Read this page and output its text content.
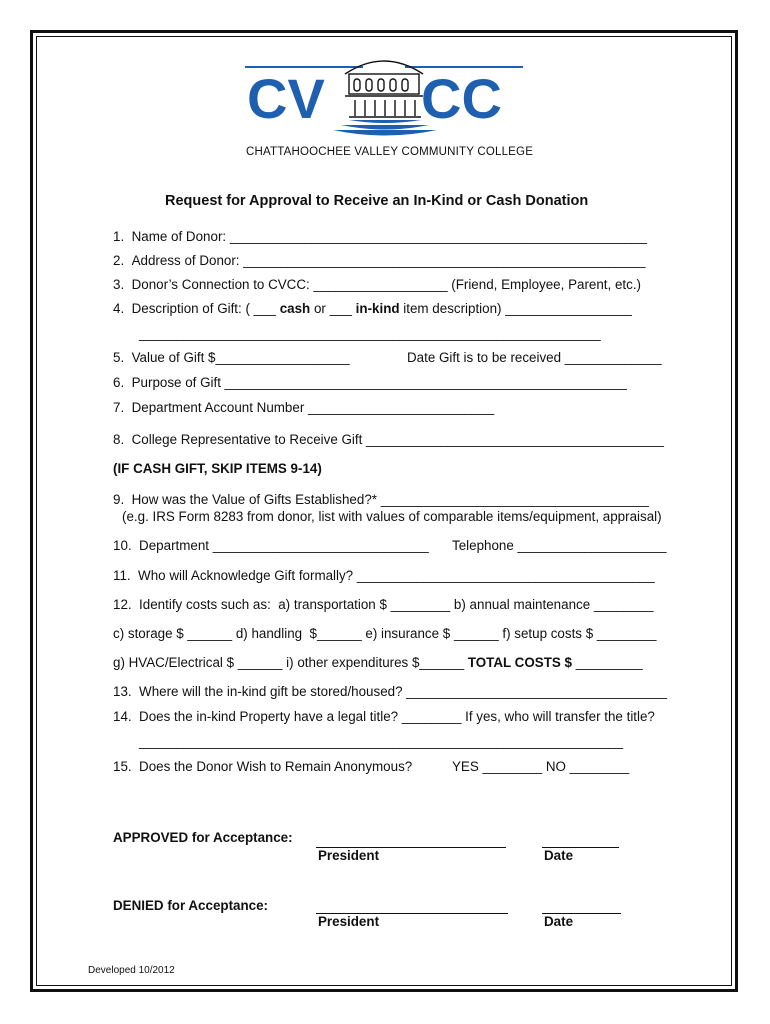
CV CC
CHATTAHOOCHEE VALLEY COMMUNITY COLLEGE
Request for Approval to Receive an In-Kind or Cash Donation
1.  Name of Donor: ________________________________________________________
2.  Address of Donor: ______________________________________________________
3.  Donor’s Connection to CVCC: __________________ (Friend, Employee, Parent, etc.)
4.  Description of Gift: ( ___ cash or ___ in-kind item description) _________________
______________________________________________________________
5.  Value of Gift $__________________	Date Gift is to be received _____________
6.  Purpose of Gift ______________________________________________________
7.  Department Account Number _________________________
8.  College Representative to Receive Gift ________________________________________
(IF CASH GIFT, SKIP ITEMS 9-14)
9.  How was the Value of Gifts Established?* ____________________________________
(e.g. IRS Form 8283 from donor, list with values of comparable items/equipment, appraisal)
10.  Department _____________________________ Telephone ____________________
11.  Who will Acknowledge Gift formally? ________________________________________
12.  Identify costs such as:  a) transportation $ ________ b) annual maintenance ________
c) storage $ ______ d) handling  $______ e) insurance $ ______ f) setup costs $ ________
g) HVAC/Electrical $ ______ i) other expenditures $______ TOTAL COSTS $ _________
13.  Where will the in-kind gift be stored/housed? ___________________________________
14.  Does the in-kind Property have a legal title? ________ If yes, who will transfer the title?
_________________________________________________________________
15.  Does the Donor Wish to Remain Anonymous?	YES ________ NO ________
APPROVED for Acceptance:
President	Date
DENIED for Acceptance:
President	Date
Developed 10/2012
